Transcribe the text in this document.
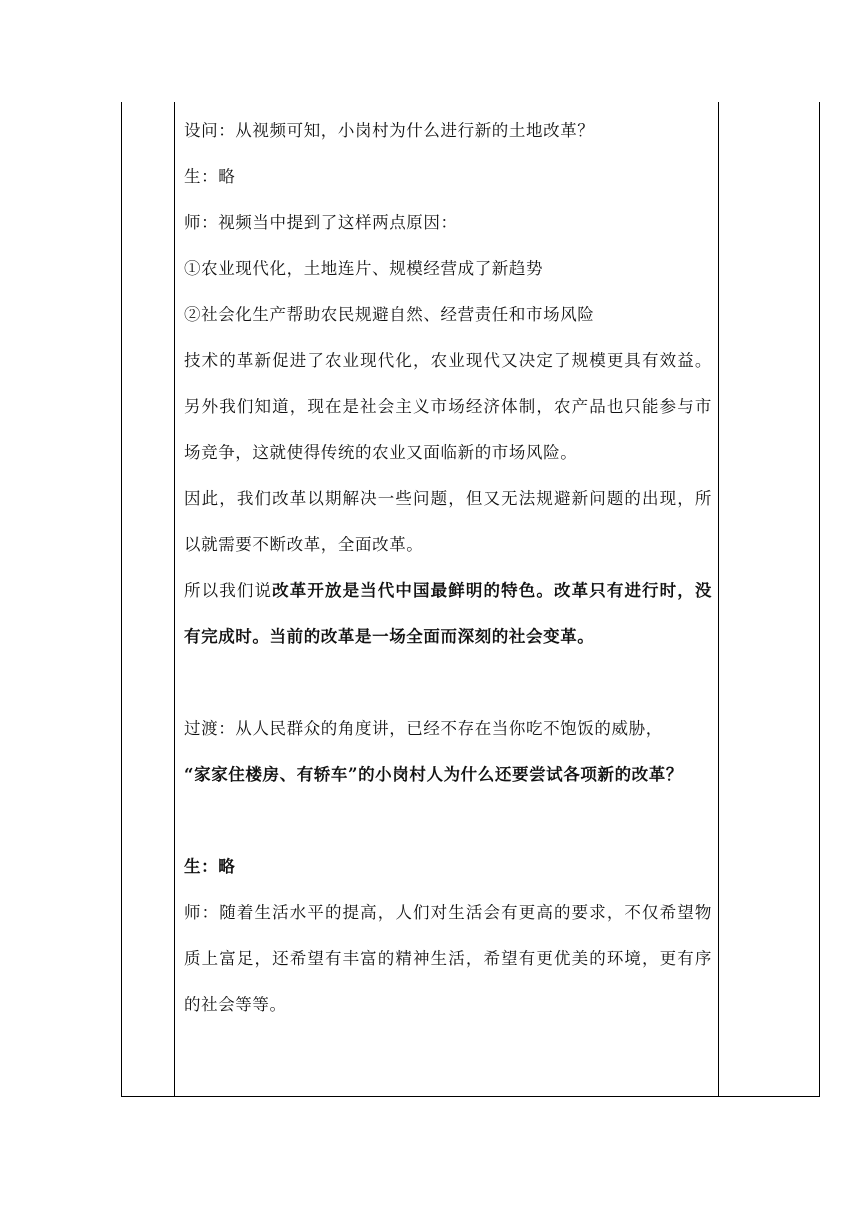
设问：从视频可知，小岗村为什么进行新的土地改革？

生：略

师：视频当中提到了这样两点原因：

①农业现代化，土地连片、规模经营成了新趋势

②社会化生产帮助农民规避自然、经营责任和市场风险

技术的革新促进了农业现代化，农业现代又决定了规模更具有效益。另外我们知道，现在是社会主义市场经济体制，农产品也只能参与市场竞争，这就使得传统的农业又面临新的市场风险。

因此，我们改革以期解决一些问题，但又无法规避新问题的出现，所以就需要不断改革，全面改革。

所以我们说改革开放是当代中国最鲜明的特色。改革只有进行时，没有完成时。当前的改革是一场全面而深刻的社会变革。

过渡：从人民群众的角度讲，已经不存在当你吃不饱饭的威胁，

“家家住楼房、有轿车”的小岗村人为什么还要尝试各项新的改革？

生：略

师：随着生活水平的提高，人们对生活会有更高的要求，不仅希望物质上富足，还希望有丰富的精神生活，希望有更优美的环境，更有序的社会等等。
